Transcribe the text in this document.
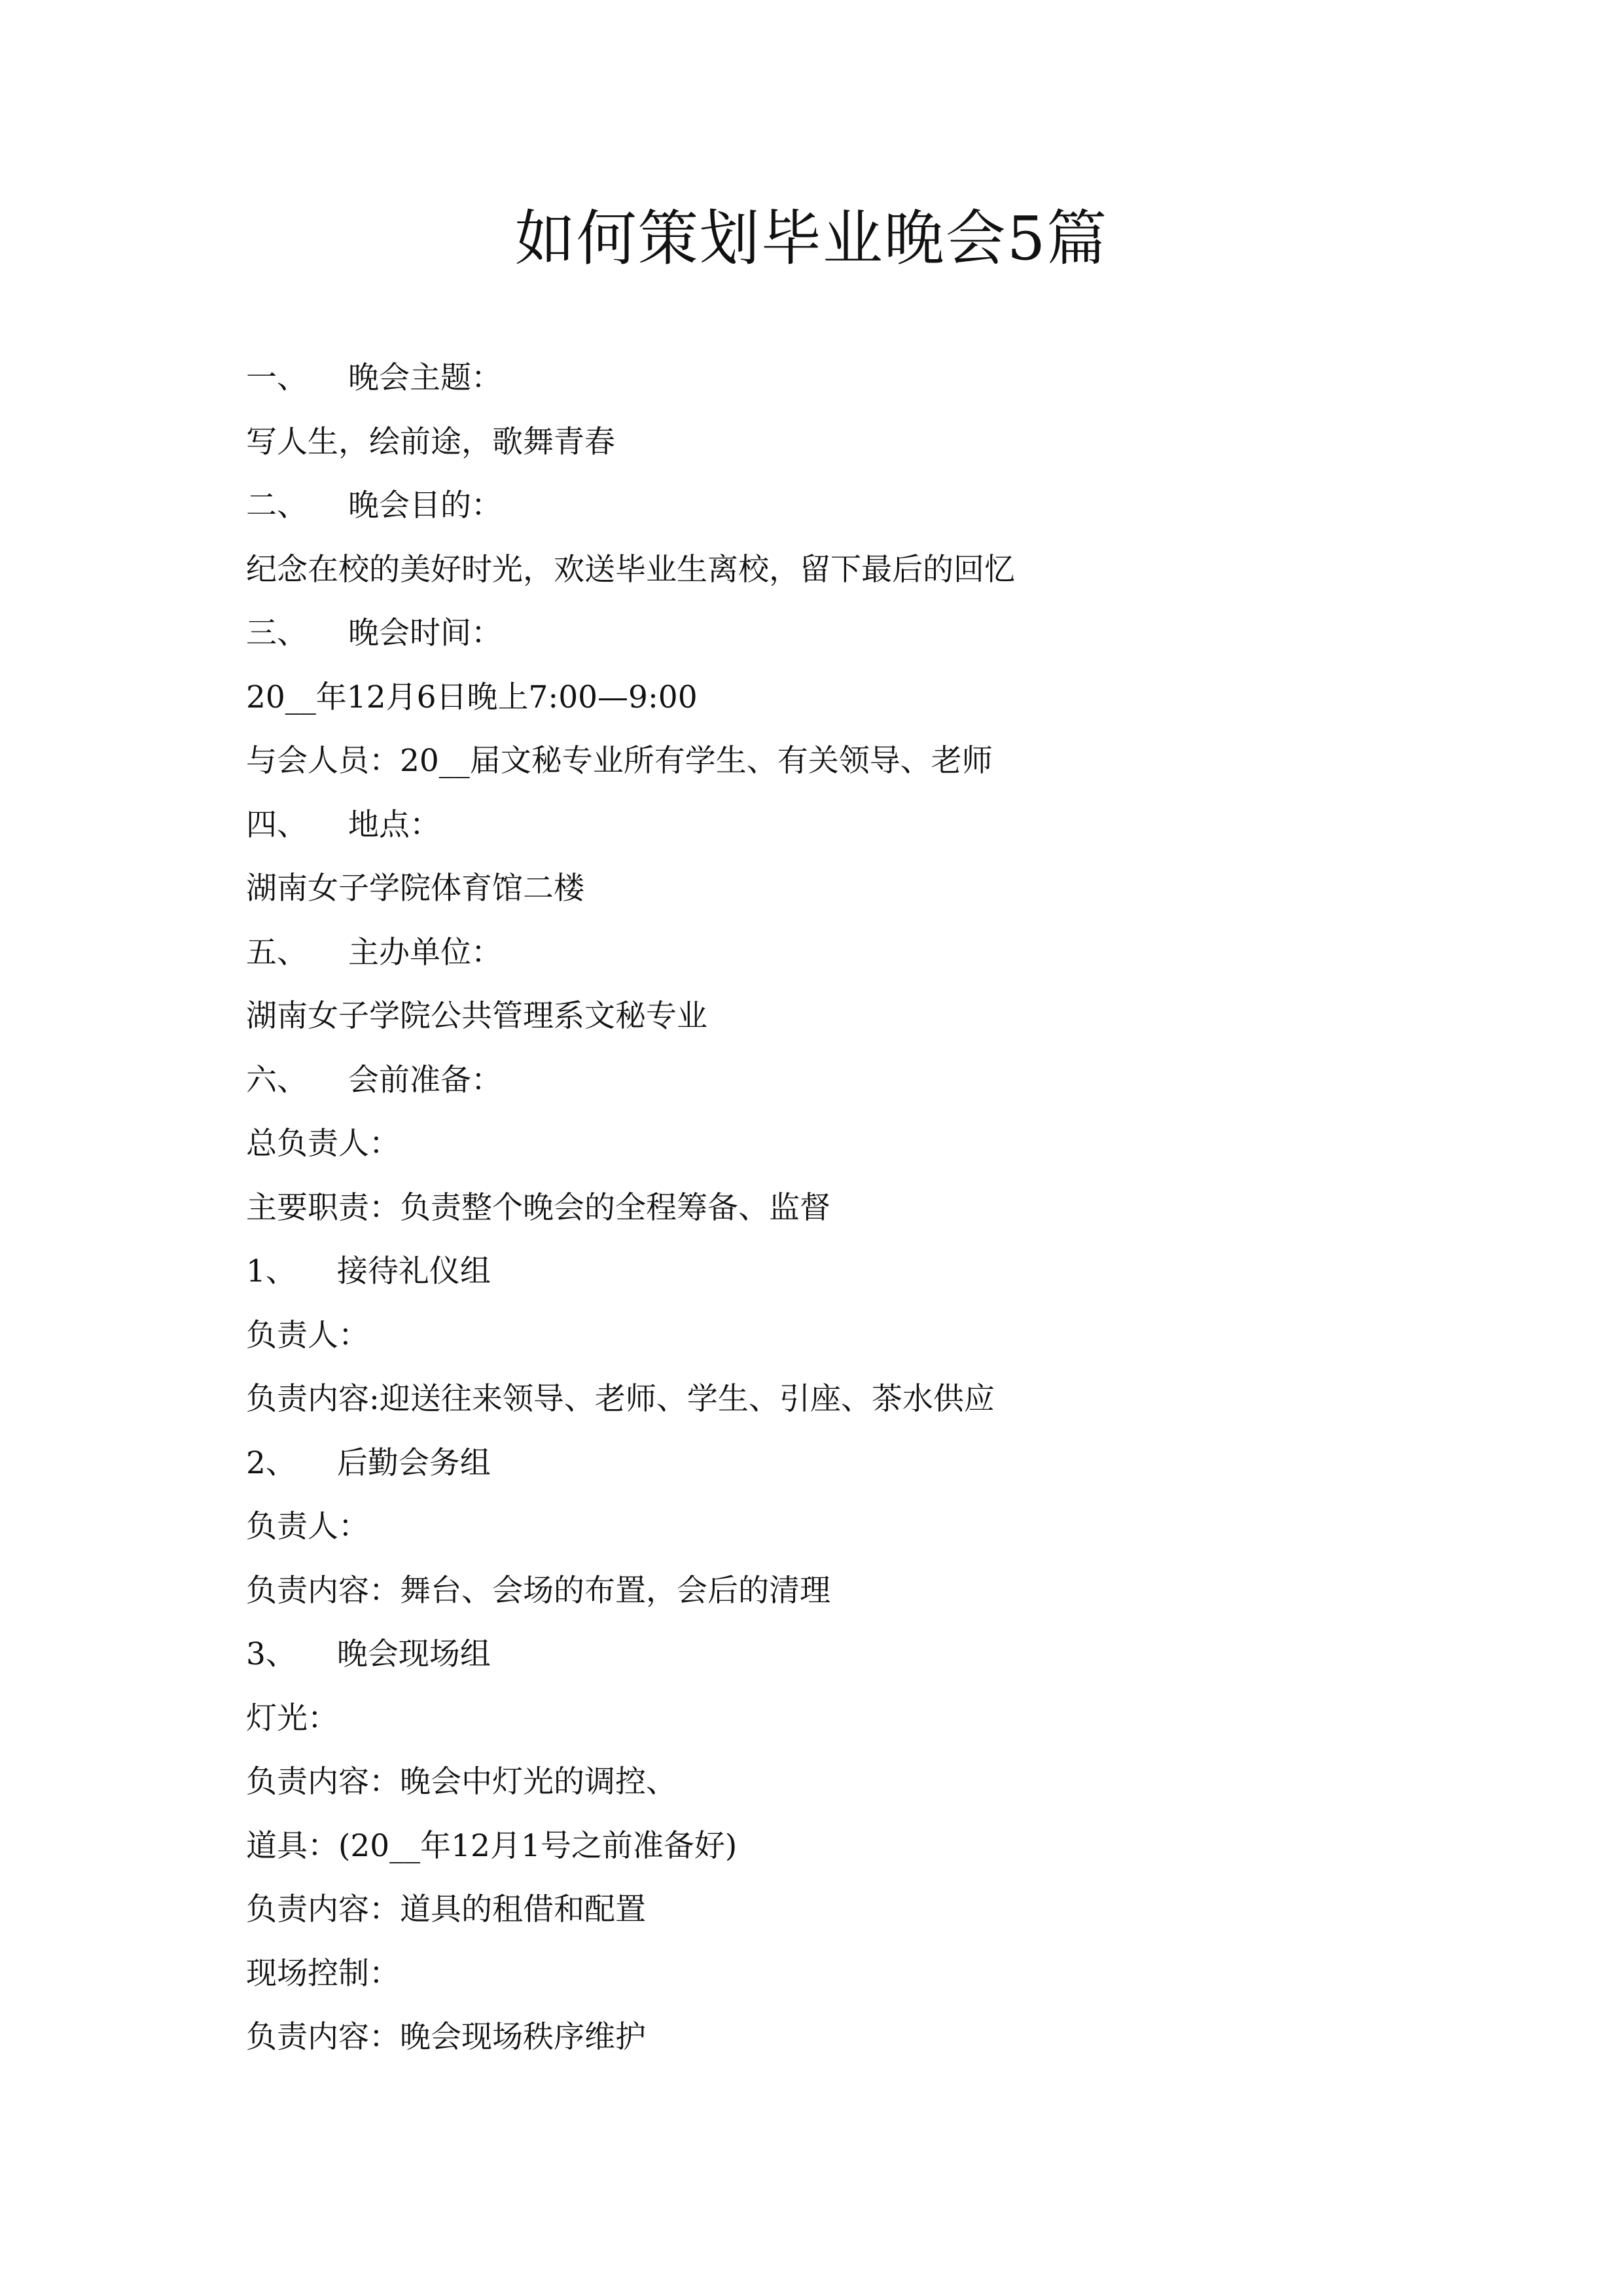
如何策划毕业晚会5篇
一、 晚会主题：
写人生，绘前途，歌舞青春
二、 晚会目的：
纪念在校的美好时光，欢送毕业生离校，留下最后的回忆
三、 晚会时间：
20__年12月6日晚上7:00—9:00
与会人员：20__届文秘专业所有学生、有关领导、老师
四、 地点：
湖南女子学院体育馆二楼
五、 主办单位：
湖南女子学院公共管理系文秘专业
六、 会前准备：
总负责人：
主要职责：负责整个晚会的全程筹备、监督
1、 接待礼仪组
负责人：
负责内容:迎送往来领导、老师、学生、引座、茶水供应
2、 后勤会务组
负责人：
负责内容：舞台、会场的布置，会后的清理
3、 晚会现场组
灯光：
负责内容：晚会中灯光的调控、
道具：(20__年12月1号之前准备好)
负责内容：道具的租借和配置
现场控制：
负责内容：晚会现场秩序维护
